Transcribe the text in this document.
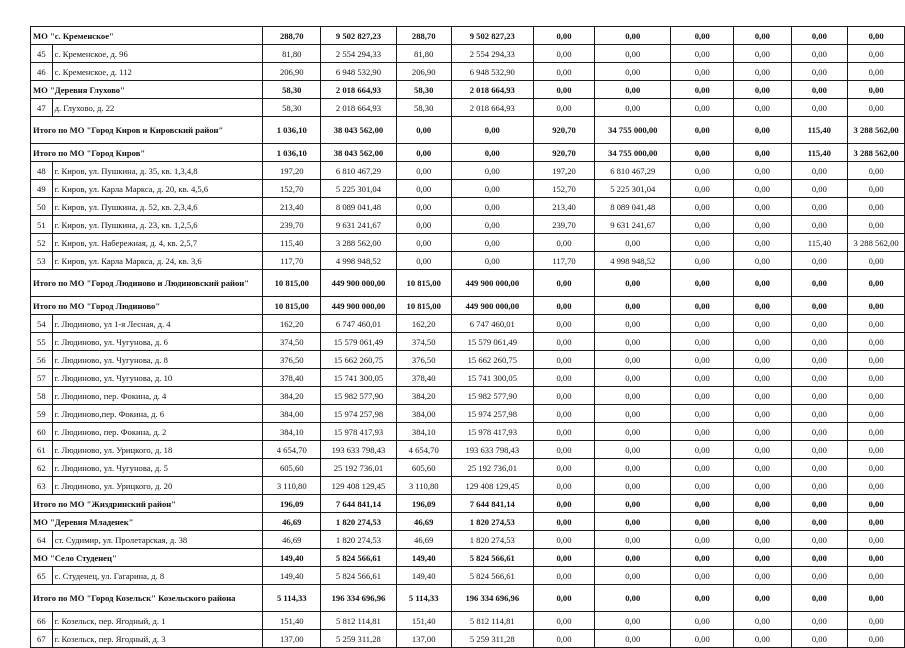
МО "с. Кременское"		288,70	9 502 827,23	288,70	9 502 827,23	0,00	0,00	0,00	0,00	0,00	0,00
45	с. Кременское, д. 96	81,80	2 554 294,33	81,80	2 554 294,33	0,00	0,00	0,00	0,00	0,00	0,00
46	с. Кременское, д. 112	206,90	6 948 532,90	206,90	6 948 532,90	0,00	0,00	0,00	0,00	0,00	0,00
МО "Деревня Глухово"		58,30	2 018 664,93	58,30	2 018 664,93	0,00	0,00	0,00	0,00	0,00	0,00
47	д. Глухово, д. 22	58,30	2 018 664,93	58,30	2 018 664,93	0,00	0,00	0,00	0,00	0,00	0,00
Итого по МО "Город Киров и Кировский район"		1 036,10	38 043 562,00	0,00	0,00	920,70	34 755 000,00	0,00	0,00	115,40	3 288 562,00
Итого по МО "Город Киров"		1 036,10	38 043 562,00	0,00	0,00	920,70	34 755 000,00	0,00	0,00	115,40	3 288 562,00
48	г. Киров, ул. Пушкина, д. 35, кв. 1,3,4,8	197,20	6 810 467,29	0,00	0,00	197,20	6 810 467,29	0,00	0,00	0,00	0,00
49	г. Киров, ул. Карла Маркса, д. 20, кв. 4,5,6	152,70	5 225 301,04	0,00	0,00	152,70	5 225 301,04	0,00	0,00	0,00	0,00
50	г. Киров, ул. Пушкина, д. 52, кв. 2,3,4,6	213,40	8 089 041,48	0,00	0,00	213,40	8 089 041,48	0,00	0,00	0,00	0,00
51	г. Киров, ул. Пушкина, д. 23, кв. 1,2,5,6	239,70	9 631 241,67	0,00	0,00	239,70	9 631 241,67	0,00	0,00	0,00	0,00
52	г. Киров, ул. Набережная, д. 4, кв. 2,5,7	115,40	3 288 562,00	0,00	0,00	0,00	0,00	0,00	0,00	115,40	3 288 562,00
53	г. Киров, ул. Карла Маркса, д. 24, кв. 3,6	117,70	4 998 948,52	0,00	0,00	117,70	4 998 948,52	0,00	0,00	0,00	0,00
Итого по МО "Город Людиново и Людиновский район"		10 815,00	449 900 000,00	10 815,00	449 900 000,00	0,00	0,00	0,00	0,00	0,00	0,00
Итого по МО "Город Людиново"		10 815,00	449 900 000,00	10 815,00	449 900 000,00	0,00	0,00	0,00	0,00	0,00	0,00
54	г. Людиново, ул 1-я Лесная, д. 4	162,20	6 747 460,01	162,20	6 747 460,01	0,00	0,00	0,00	0,00	0,00	0,00
55	г. Людиново, ул. Чугунова, д. 6	374,50	15 579 061,49	374,50	15 579 061,49	0,00	0,00	0,00	0,00	0,00	0,00
56	г. Людиново, ул. Чугунова, д. 8	376,50	15 662 260,75	376,50	15 662 260,75	0,00	0,00	0,00	0,00	0,00	0,00
57	г. Людиново, ул. Чугунова, д. 10	378,40	15 741 300,05	378,40	15 741 300,05	0,00	0,00	0,00	0,00	0,00	0,00
58	г. Людиново, пер. Фокина, д. 4	384,20	15 982 577,90	384,20	15 982 577,90	0,00	0,00	0,00	0,00	0,00	0,00
59	г. Людиново,пер. Фокина, д. 6	384,00	15 974 257,98	384,00	15 974 257,98	0,00	0,00	0,00	0,00	0,00	0,00
60	г. Людиново, пер. Фокина, д. 2	384,10	15 978 417,93	384,10	15 978 417,93	0,00	0,00	0,00	0,00	0,00	0,00
61	г. Людиново, ул. Урицкого, д. 18	4 654,70	193 633 798,43	4 654,70	193 633 798,43	0,00	0,00	0,00	0,00	0,00	0,00
62	г. Людиново, ул. Чугунова, д. 5	605,60	25 192 736,01	605,60	25 192 736,01	0,00	0,00	0,00	0,00	0,00	0,00
63	г. Людиново, ул. Урицкого, д. 20	3 110,80	129 408 129,45	3 110,80	129 408 129,45	0,00	0,00	0,00	0,00	0,00	0,00
Итого по МО "Жиздринский район"		196,09	7 644 841,14	196,09	7 644 841,14	0,00	0,00	0,00	0,00	0,00	0,00
МО "Деревня Младенек"		46,69	1 820 274,53	46,69	1 820 274,53	0,00	0,00	0,00	0,00	0,00	0,00
64	ст. Судимир, ул. Пролетарская, д. 38	46,69	1 820 274,53	46,69	1 820 274,53	0,00	0,00	0,00	0,00	0,00	0,00
МО "Село Студенец"		149,40	5 824 566,61	149,40	5 824 566,61	0,00	0,00	0,00	0,00	0,00	0,00
65	с. Студенец, ул. Гагарина, д. 8	149,40	5 824 566,61	149,40	5 824 566,61	0,00	0,00	0,00	0,00	0,00	0,00
Итого по МО "Город Козельск" Козельского района		5 114,33	196 334 696,96	5 114,33	196 334 696,96	0,00	0,00	0,00	0,00	0,00	0,00
66	г. Козельск, пер. Ягодный, д. 1	151,40	5 812 114,81	151,40	5 812 114,81	0,00	0,00	0,00	0,00	0,00	0,00
67	г. Козельск, пер. Ягодный, д. 3	137,00	5 259 311,28	137,00	5 259 311,28	0,00	0,00	0,00	0,00	0,00	0,00
